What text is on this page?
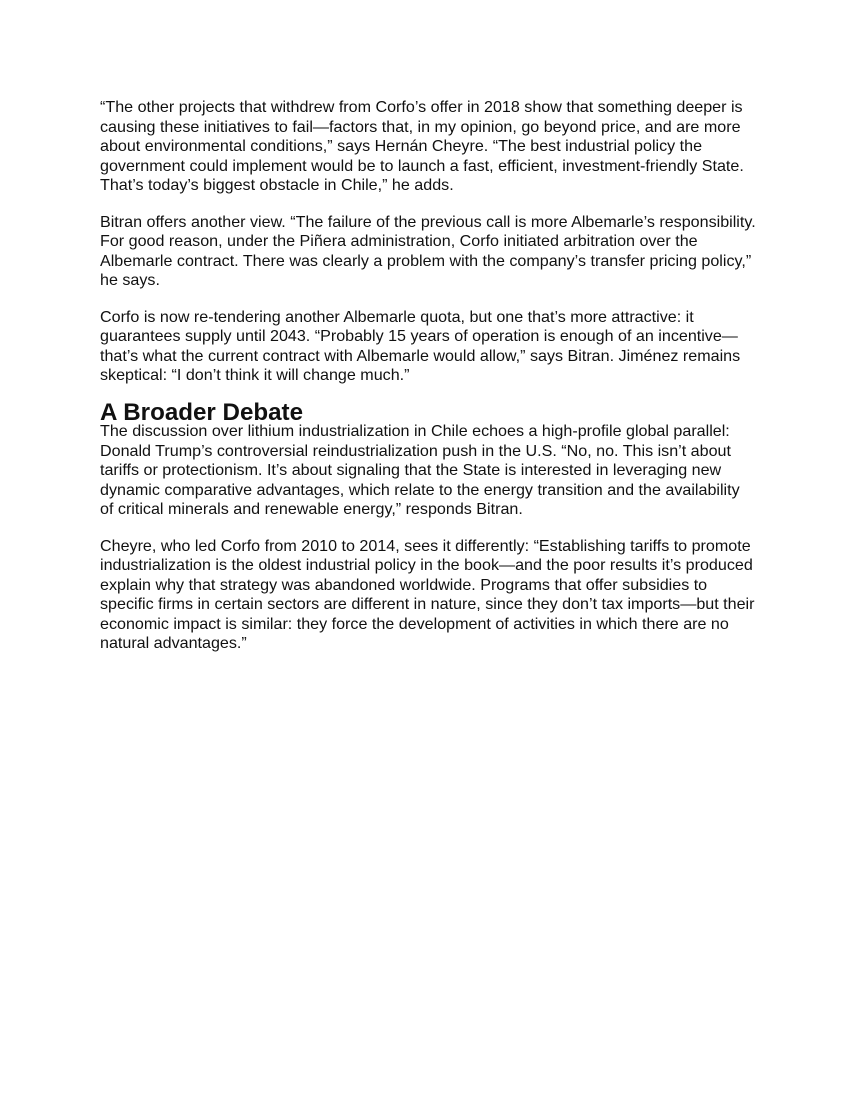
“The other projects that withdrew from Corfo’s offer in 2018 show that something deeper is causing these initiatives to fail—factors that, in my opinion, go beyond price, and are more about environmental conditions,” says Hernán Cheyre. “The best industrial policy the government could implement would be to launch a fast, efficient, investment-friendly State. That’s today’s biggest obstacle in Chile,” he adds.

Bitran offers another view. “The failure of the previous call is more Albemarle’s responsibility. For good reason, under the Piñera administration, Corfo initiated arbitration over the Albemarle contract. There was clearly a problem with the company’s transfer pricing policy,” he says.

Corfo is now re-tendering another Albemarle quota, but one that’s more attractive: it guarantees supply until 2043. “Probably 15 years of operation is enough of an incentive—that’s what the current contract with Albemarle would allow,” says Bitran. Jiménez remains skeptical: “I don’t think it will change much.”

A Broader Debate

The discussion over lithium industrialization in Chile echoes a high-profile global parallel: Donald Trump’s controversial reindustrialization push in the U.S. “No, no. This isn’t about tariffs or protectionism. It’s about signaling that the State is interested in leveraging new dynamic comparative advantages, which relate to the energy transition and the availability of critical minerals and renewable energy,” responds Bitran.

Cheyre, who led Corfo from 2010 to 2014, sees it differently: “Establishing tariffs to promote industrialization is the oldest industrial policy in the book—and the poor results it’s produced explain why that strategy was abandoned worldwide. Programs that offer subsidies to specific firms in certain sectors are different in nature, since they don’t tax imports—but their economic impact is similar: they force the development of activities in which there are no natural advantages.”
